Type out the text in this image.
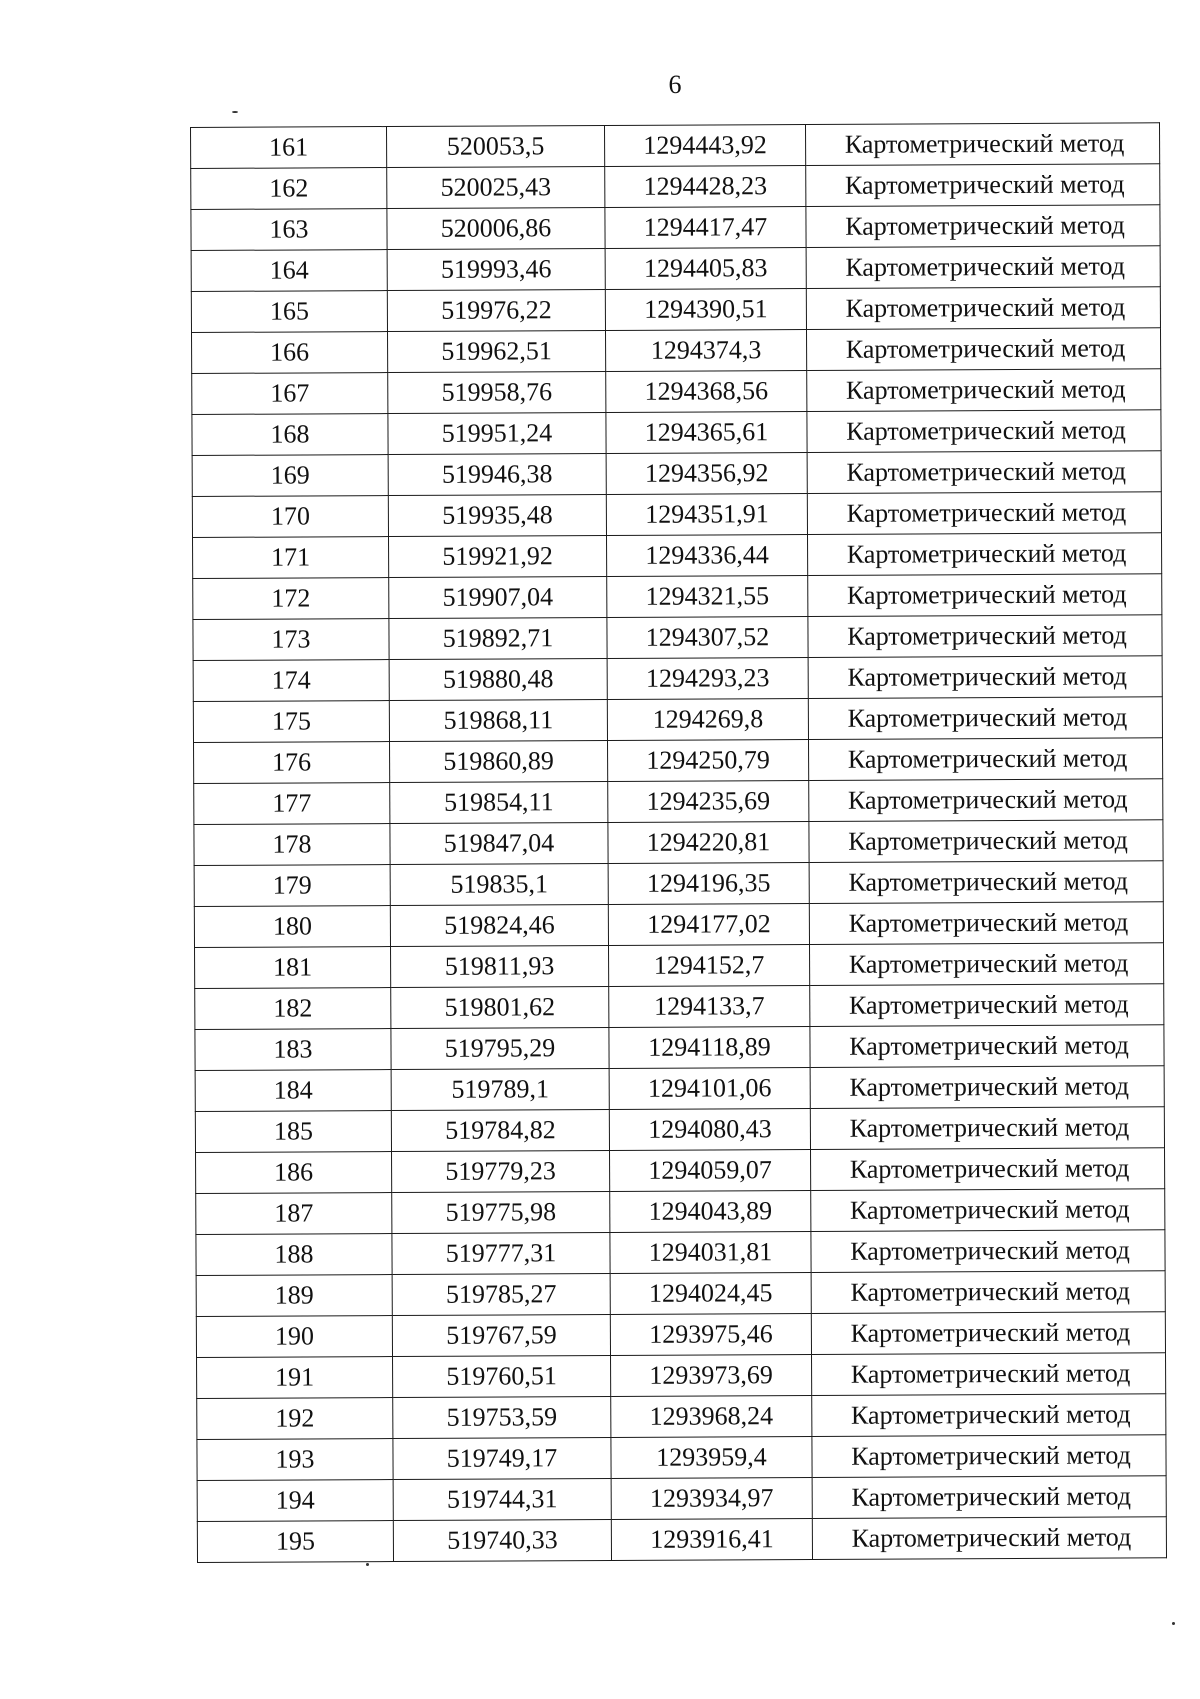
6
161	520053,5	1294443,92	Картометрический метод
162	520025,43	1294428,23	Картометрический метод
163	520006,86	1294417,47	Картометрический метод
164	519993,46	1294405,83	Картометрический метод
165	519976,22	1294390,51	Картометрический метод
166	519962,51	1294374,3	Картометрический метод
167	519958,76	1294368,56	Картометрический метод
168	519951,24	1294365,61	Картометрический метод
169	519946,38	1294356,92	Картометрический метод
170	519935,48	1294351,91	Картометрический метод
171	519921,92	1294336,44	Картометрический метод
172	519907,04	1294321,55	Картометрический метод
173	519892,71	1294307,52	Картометрический метод
174	519880,48	1294293,23	Картометрический метод
175	519868,11	1294269,8	Картометрический метод
176	519860,89	1294250,79	Картометрический метод
177	519854,11	1294235,69	Картометрический метод
178	519847,04	1294220,81	Картометрический метод
179	519835,1	1294196,35	Картометрический метод
180	519824,46	1294177,02	Картометрический метод
181	519811,93	1294152,7	Картометрический метод
182	519801,62	1294133,7	Картометрический метод
183	519795,29	1294118,89	Картометрический метод
184	519789,1	1294101,06	Картометрический метод
185	519784,82	1294080,43	Картометрический метод
186	519779,23	1294059,07	Картометрический метод
187	519775,98	1294043,89	Картометрический метод
188	519777,31	1294031,81	Картометрический метод
189	519785,27	1294024,45	Картометрический метод
190	519767,59	1293975,46	Картометрический метод
191	519760,51	1293973,69	Картометрический метод
192	519753,59	1293968,24	Картометрический метод
193	519749,17	1293959,4	Картометрический метод
194	519744,31	1293934,97	Картометрический метод
195	519740,33	1293916,41	Картометрический метод
